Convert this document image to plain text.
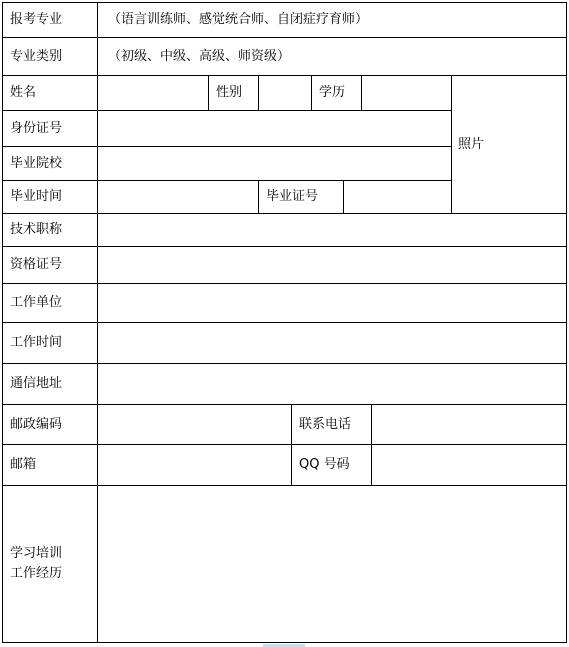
报考专业	（语言训练师、感觉统合师、自闭症疗育师）
专业类别	（初级、中级、高级、师资级）
姓名	性别	学历
照片
身份证号
毕业院校
毕业时间	毕业证号
技术职称
资格证号
工作单位
工作时间
通信地址
邮政编码	联系电话
邮箱	QQ 号码
学习培训
工作经历
